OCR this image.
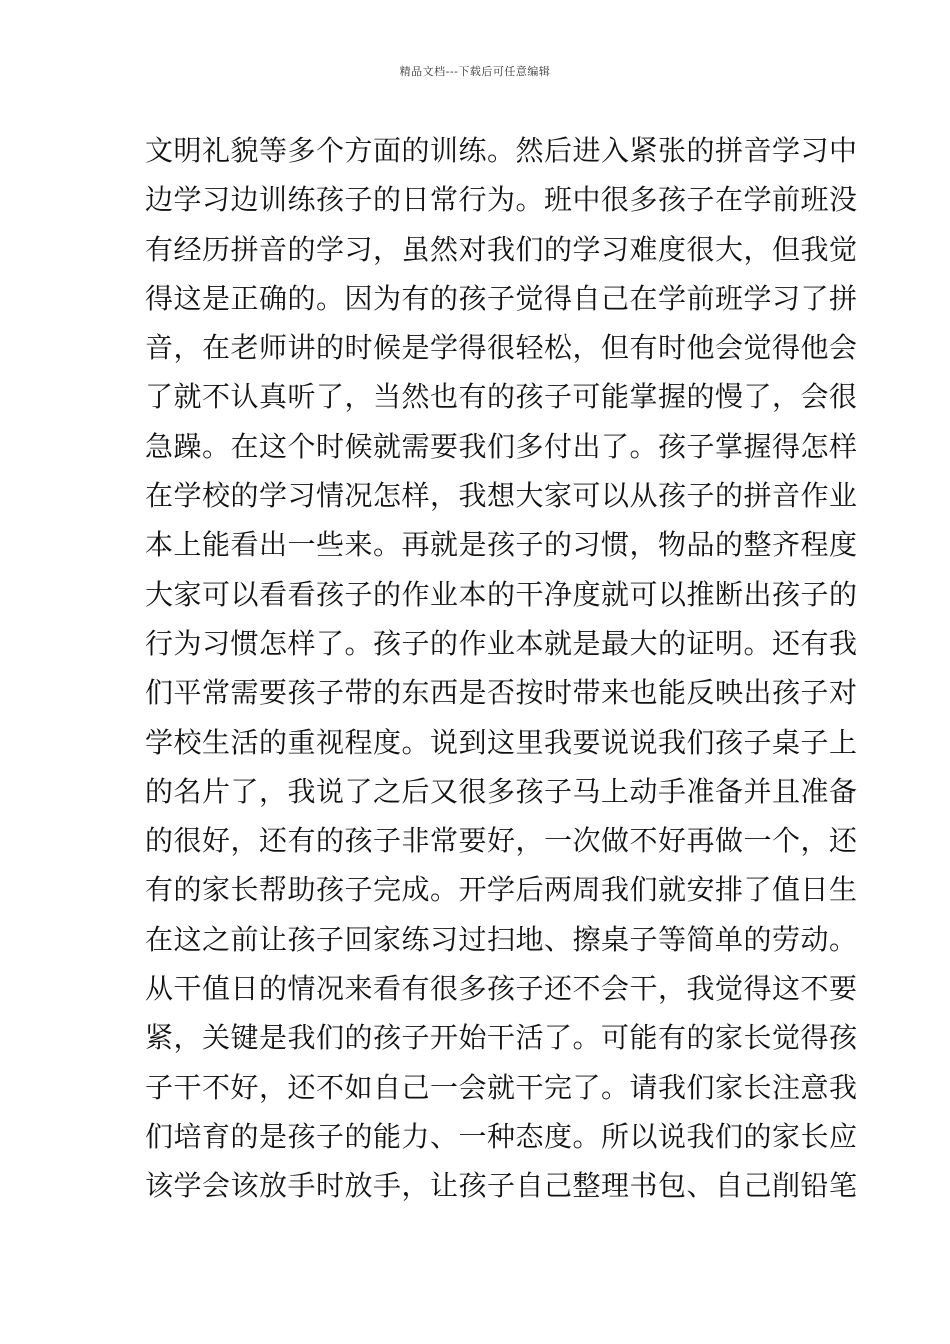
精品文档---下载后可任意编辑
文明礼貌等多个方面的训练。然后进入紧张的拼音学习中
边学习边训练孩子的日常行为。班中很多孩子在学前班没
有经历拼音的学习，虽然对我们的学习难度很大，但我觉
得这是正确的。因为有的孩子觉得自己在学前班学习了拼
音，在老师讲的时候是学得很轻松，但有时他会觉得他会
了就不认真听了，当然也有的孩子可能掌握的慢了，会很
急躁。在这个时候就需要我们多付出了。孩子掌握得怎样
在学校的学习情况怎样，我想大家可以从孩子的拼音作业
本上能看出一些来。再就是孩子的习惯，物品的整齐程度
大家可以看看孩子的作业本的干净度就可以推断出孩子的
行为习惯怎样了。孩子的作业本就是最大的证明。还有我
们平常需要孩子带的东西是否按时带来也能反映出孩子对
学校生活的重视程度。说到这里我要说说我们孩子桌子上
的名片了，我说了之后又很多孩子马上动手准备并且准备
的很好，还有的孩子非常要好，一次做不好再做一个，还
有的家长帮助孩子完成。开学后两周我们就安排了值日生
在这之前让孩子回家练习过扫地、擦桌子等简单的劳动。
从干值日的情况来看有很多孩子还不会干，我觉得这不要
紧，关键是我们的孩子开始干活了。可能有的家长觉得孩
子干不好，还不如自己一会就干完了。请我们家长注意我
们培育的是孩子的能力、一种态度。所以说我们的家长应
该学会该放手时放手，让孩子自己整理书包、自己削铅笔
